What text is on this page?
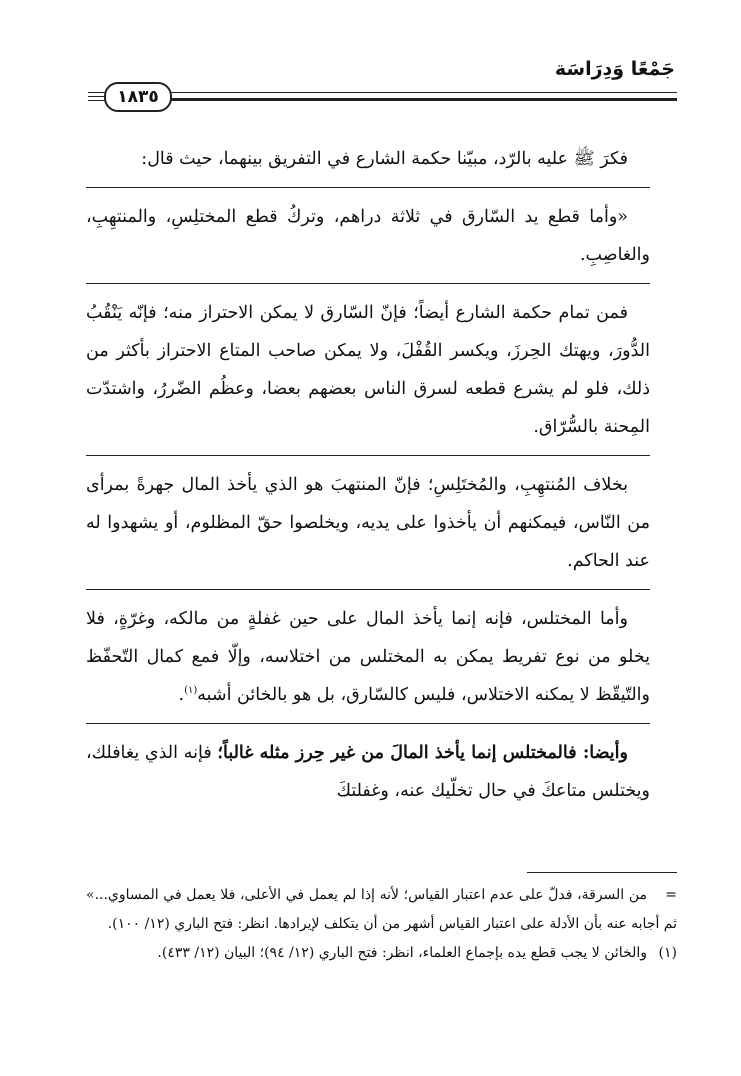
جَمْعًا وَدِرَاسَة
١٨٣٥

فكرَ ﷺ عليه بالرّد، مبيّنا حكمة الشارع في التفريق بينهما، حيث قال:

«وأما قطع يد السّارق في ثلاثة دراهم، وتركُ قطع المختلِسِ، والمنتهِبِ، والغاصِبِ.

فمن تمام حكمة الشارع أيضاً؛ فإنّ السّارق لا يمكن الاحتراز منه؛ فإنّه يَنْقُبُ الدُّورَ، ويهتك الحِرزَ، ويكسر القُفْلَ، ولا يمكن صاحب المتاع الاحتراز بأكثر من ذلك، فلو لم يشرع قطعه لسرق الناس بعضهم بعضا، وعظُم الضّررُ، واشتدّت المِحنة بالسُّرّاق.

بخلاف المُنتهِبِ، والمُختَلِسِ؛ فإنّ المنتهبَ هو الذي يأخذ المال جهرةً بمرأى من النّاس، فيمكنهم أن يأخذوا على يديه، ويخلصوا حقّ المظلوم، أو يشهدوا له عند الحاكم.

وأما المختلس، فإنه إنما يأخذ المال على حين غفلةٍ من مالكه، وغرّةٍ، فلا يخلو من نوع تفريط يمكن به المختلس من اختلاسه، وإلّا فمع كمال التّحفّظ والتّيقّظ لا يمكنه الاختلاس، فليس كالسّارق، بل هو بالخائن أشبه$^{(١)}$.

وأيضا: فالمختلس إنما يأخذ المالَ من غير حِرز مثله غالباً؛ فإنه الذي يغافلك، ويختلس متاعكَ في حال تخلّيك عنه، وغفلتكَ

=من السرقة، فدلّ على عدم اعتبار القياس؛ لأنه إذا لم يعمل في الأعلى، فلا يعمل في المساوي...» ثم أجابه عنه بأن الأدلة على اعتبار القياس أشهر من أن يتكلف لإيرادها. انظر: فتح الباري (١٢/ ١٠٠).

(١)والخائن لا يجب قطع يده بإجماع العلماء، انظر: فتح الباري (١٢/ ٩٤)؛ البيان (١٢/ ٤٣٣).
